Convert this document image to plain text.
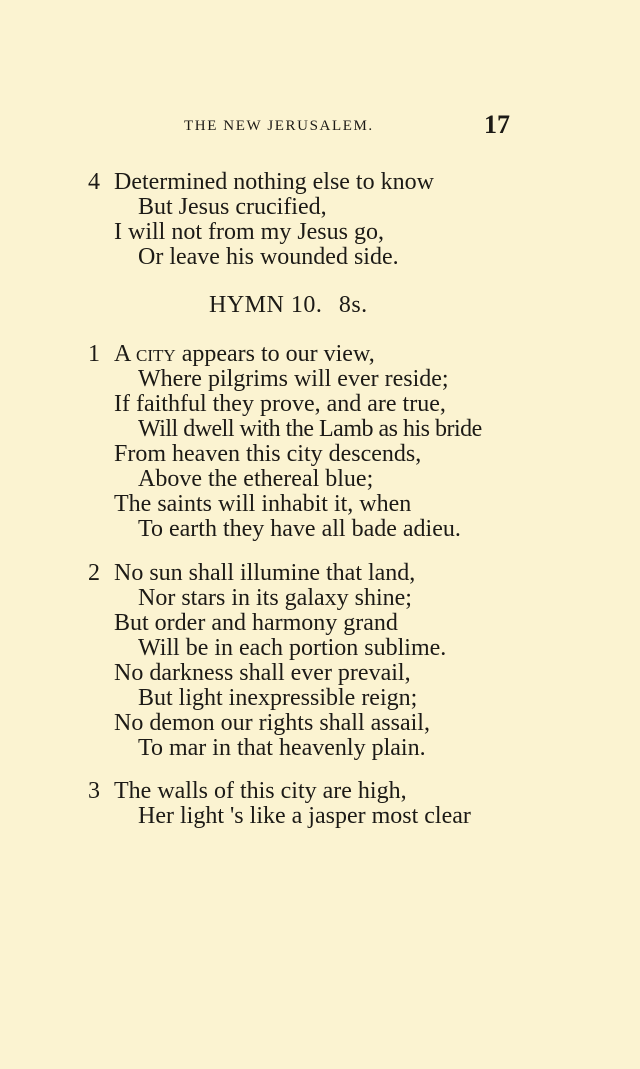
THE NEW JERUSALEM.	17
4 Determined nothing else to know
But Jesus crucified,
I will not from my Jesus go,
Or leave his wounded side.
HYMN 10. 8s.
1 A city appears to our view,
Where pilgrims will ever reside;
If faithful they prove, and are true,
Will dwell with the Lamb as his bride
From heaven this city descends,
Above the ethereal blue;
The saints will inhabit it, when
To earth they have all bade adieu.
2 No sun shall illumine that land,
Nor stars in its galaxy shine;
But order and harmony grand
Will be in each portion sublime.
No darkness shall ever prevail,
But light inexpressible reign;
No demon our rights shall assail,
To mar in that heavenly plain.
3 The walls of this city are high,
Her light 's like a jasper most clear
